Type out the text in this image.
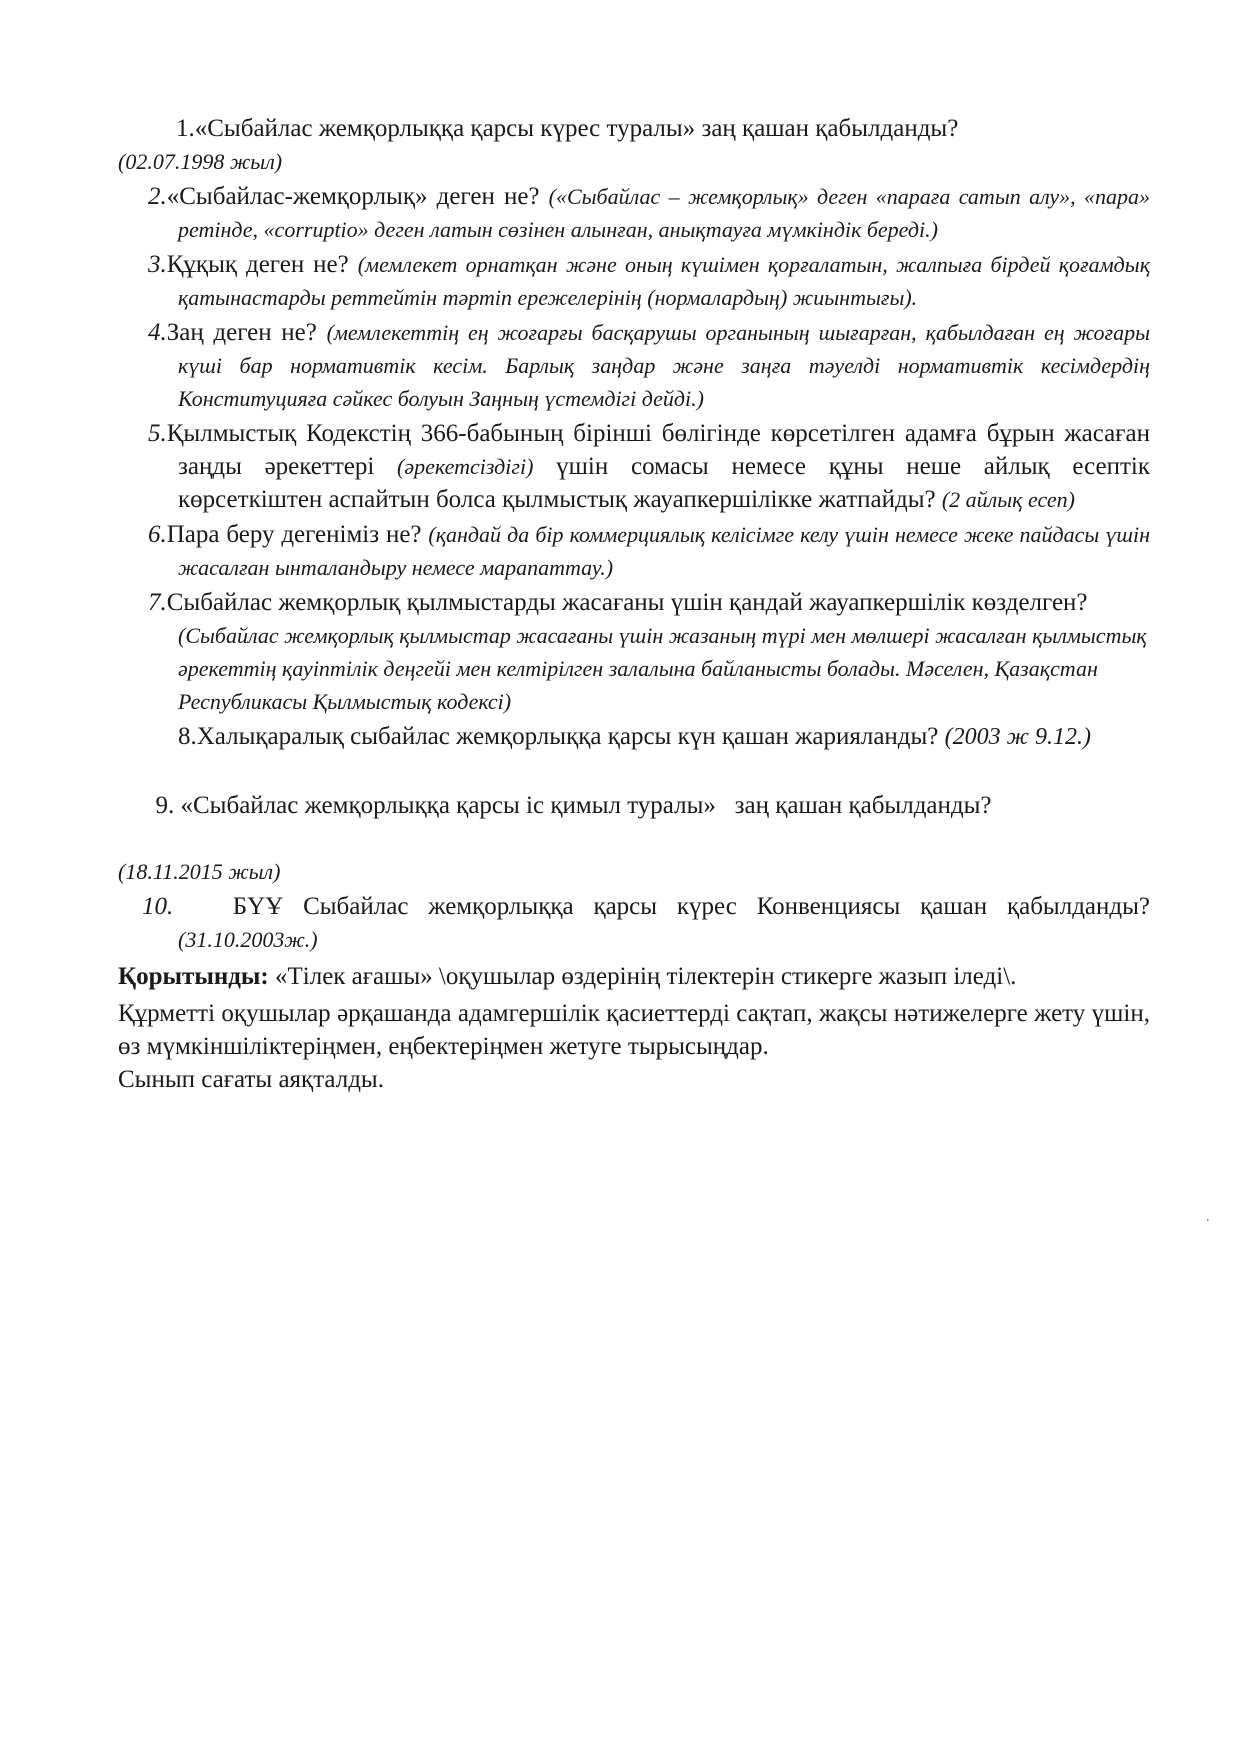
1.«Сыбайлас жемқорлыққа қарсы күрес туралы» заң қашан қабылданды?
(02.07.1998 жыл)
2.«Сыбайлас-жемқорлық» деген не? («Сыбайлас – жемқорлық» деген «параға сатып алу», «пара» ретінде, «corruptio» деген латын сөзінен алынған, анықтауға мүмкіндік береді.)
3.Құқық деген не? (мемлекет орнатқан және оның күшімен қорғалатын, жалпыға бірдей қоғамдық қатынастарды реттейтін тәртіп ережелерінің (нормалардың) жиынтығы).
4.Заң деген не? (мемлекеттің ең жоғарғы басқарушы органының шығарған, қабылдаған ең жоғары күші бар нормативтік кесім. Барлық заңдар және заңға тәуелді нормативтік кесімдердің Конституцияға сәйкес болуын Заңның үстемдігі дейді.)
5.Қылмыстық Кодекстің 366-бабының бірінші бөлігінде көрсетілген адамға бұрын жасаған заңды әрекеттері (әрекетсіздігі) үшін сомасы немесе құны неше айлық есептік көрсеткіштен аспайтын болса қылмыстық жауапкершілікке жатпайды? (2 айлық есеп)
6.Пара беру дегеніміз не? (қандай да бір коммерциялық келісімге келу үшін немесе жеке пайдасы үшін жасалған ынталандыру немесе марапаттау.)
7.Сыбайлас жемқорлық қылмыстарды жасағаны үшін қандай жауапкершілік көзделген? (Сыбайлас жемқорлық қылмыстар жасағаны үшін жазаның түрі мен мөлшері жасалған қылмыстық әрекеттің қауіптілік деңгейі мен келтірілген залалына байланысты болады. Мәселен, Қазақстан Республикасы Қылмыстық кодексі)
8.Халықаралық сыбайлас жемқорлыққа қарсы күн қашан жарияланды? (2003 ж 9.12.)

9. «Сыбайлас жемқорлыққа қарсы іс қимыл туралы»   заң қашан қабылданды?

(18.11.2015 жыл)
10. БҮҰ Сыбайлас жемқорлыққа қарсы күрес Конвенциясы қашан қабылданды? (31.10.2003ж.)
Қорытынды: «Тілек ағашы» \оқушылар өздерінің тілектерін стикерге жазып іледі\.
Құрметті оқушылар әрқашанда адамгершілік қасиеттерді сақтап, жақсы нәтижелерге жету үшін, өз мүмкіншіліктеріңмен, еңбектеріңмен жетуге тырысыңдар.
Сынып сағаты аяқталды.
.
